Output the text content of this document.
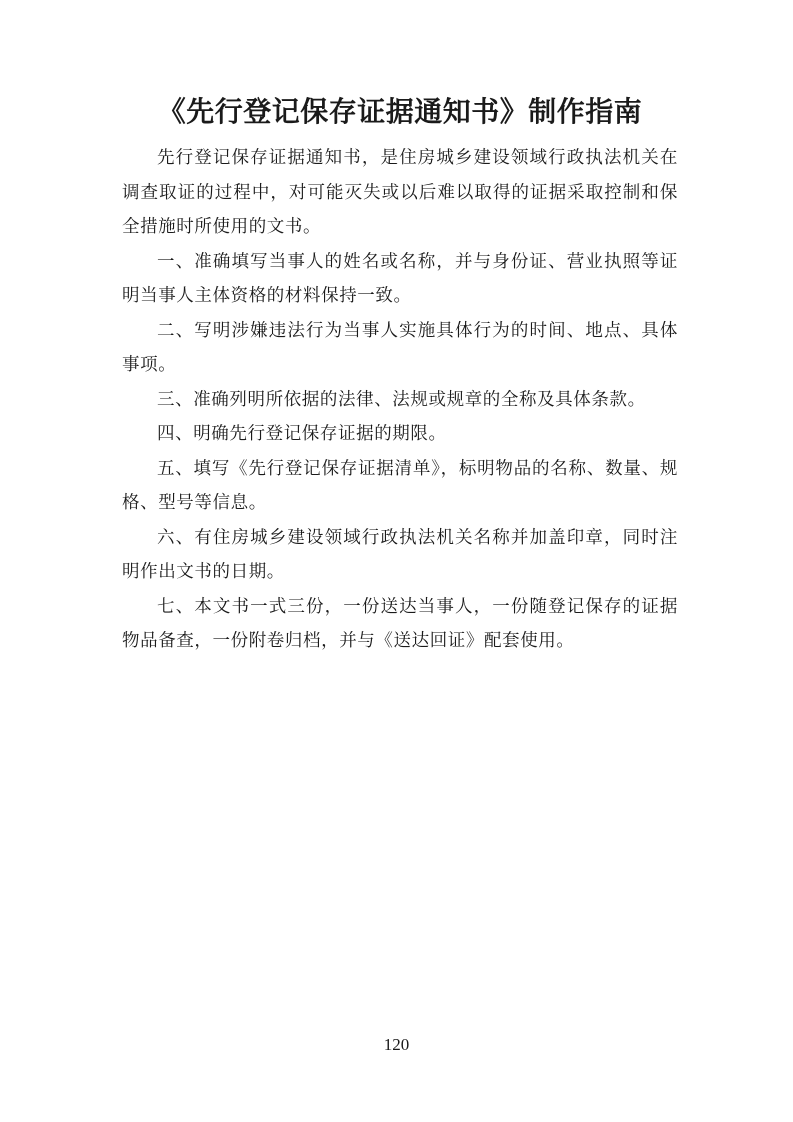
《先行登记保存证据通知书》制作指南

先行登记保存证据通知书，是住房城乡建设领域行政执法机关在调查取证的过程中，对可能灭失或以后难以取得的证据采取控制和保全措施时所使用的文书。

一、准确填写当事人的姓名或名称，并与身份证、营业执照等证明当事人主体资格的材料保持一致。

二、写明涉嫌违法行为当事人实施具体行为的时间、地点、具体事项。

三、准确列明所依据的法律、法规或规章的全称及具体条款。

四、明确先行登记保存证据的期限。

五、填写《先行登记保存证据清单》，标明物品的名称、数量、规格、型号等信息。

六、有住房城乡建设领域行政执法机关名称并加盖印章，同时注明作出文书的日期。

七、本文书一式三份，一份送达当事人，一份随登记保存的证据物品备查，一份附卷归档，并与《送达回证》配套使用。

120
